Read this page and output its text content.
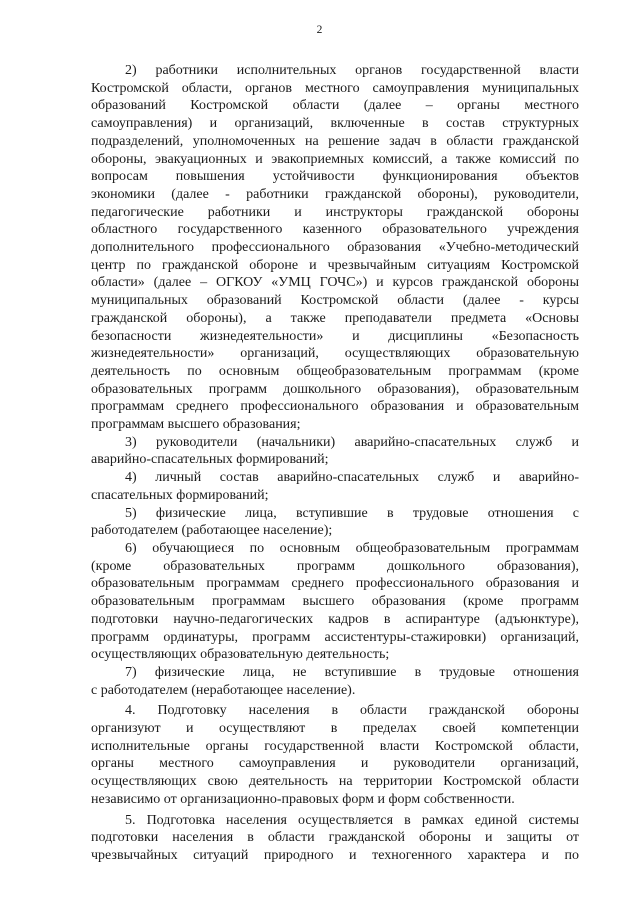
2
2) работники исполнительных органов государственной власти
Костромской области, органов местного самоуправления муниципальных
образований Костромской области (далее – органы местного
самоуправления) и организаций, включенные в состав структурных
подразделений, уполномоченных на решение задач в области гражданской
обороны, эвакуационных и эвакоприемных комиссий, а также комиссий по
вопросам повышения устойчивости функционирования объектов
экономики (далее - работники гражданской обороны), руководители,
педагогические работники и инструкторы гражданской обороны
областного государственного казенного образовательного учреждения
дополнительного профессионального образования «Учебно-методический
центр по гражданской обороне и чрезвычайным ситуациям Костромской
области» (далее – ОГКОУ «УМЦ ГОЧС») и курсов гражданской обороны
муниципальных образований Костромской области (далее - курсы
гражданской обороны), а также преподаватели предмета «Основы
безопасности жизнедеятельности» и дисциплины «Безопасность
жизнедеятельности» организаций, осуществляющих образовательную
деятельность по основным общеобразовательным программам (кроме
образовательных программ дошкольного образования), образовательным
программам среднего профессионального образования и образовательным
программам высшего образования;
3) руководители (начальники) аварийно-спасательных служб и
аварийно-спасательных формирований;
4) личный состав аварийно-спасательных служб и аварийно-
спасательных формирований;
5) физические лица, вступившие в трудовые отношения с
работодателем (работающее население);
6) обучающиеся по основным общеобразовательным программам
(кроме образовательных программ дошкольного образования),
образовательным программам среднего профессионального образования и
образовательным программам высшего образования (кроме программ
подготовки научно-педагогических кадров в аспирантуре (адъюнктуре),
программ ординатуры, программ ассистентуры-стажировки) организаций,
осуществляющих образовательную деятельность;
7) физические лица, не вступившие в трудовые отношения
с работодателем (неработающее население).
4. Подготовку населения в области гражданской обороны
организуют и осуществляют в пределах своей компетенции
исполнительные органы государственной власти Костромской области,
органы местного самоуправления и руководители организаций,
осуществляющих свою деятельность на территории Костромской области
независимо от организационно-правовых форм и форм собственности.
5. Подготовка населения осуществляется в рамках единой системы
подготовки населения в области гражданской обороны и защиты от
чрезвычайных ситуаций природного и техногенного характера и по
